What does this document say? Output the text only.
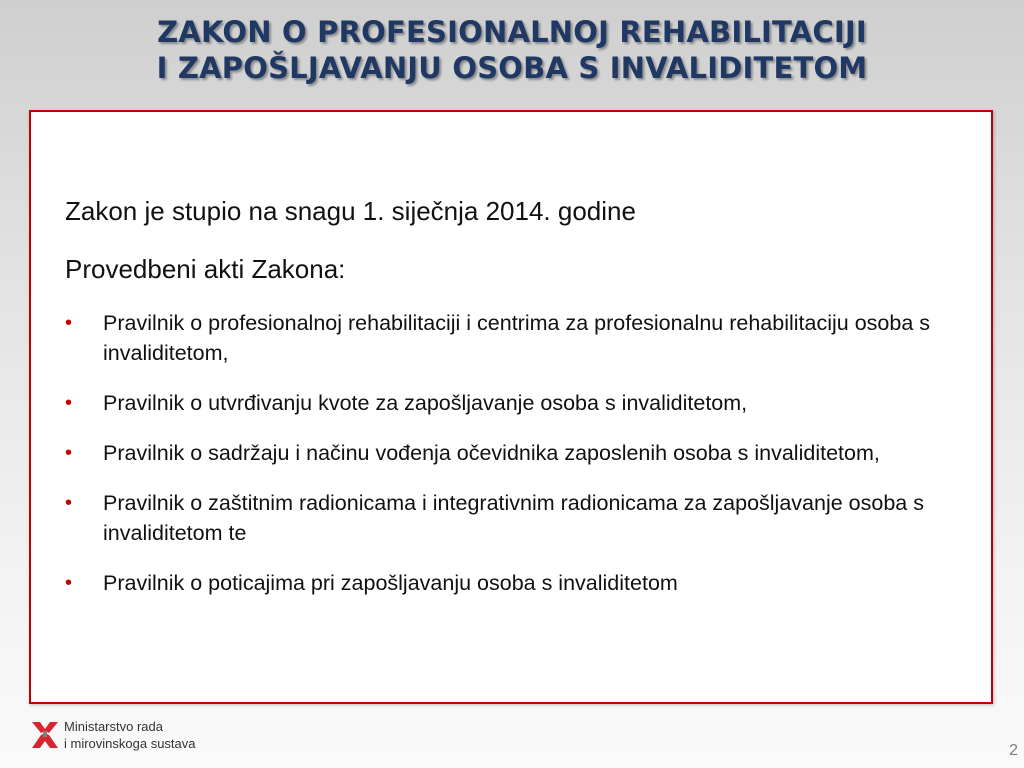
ZAKON O PROFESIONALNOJ REHABILITACIJI
I ZAPOŠLJAVANJU OSOBA S INVALIDITETOM
Zakon je stupio na snagu 1. siječnja 2014. godine
Provedbeni akti Zakona:
• Pravilnik o profesionalnoj rehabilitaciji i centrima za profesionalnu rehabilitaciju osoba s invaliditetom,
• Pravilnik o utvrđivanju kvote za zapošljavanje osoba s invaliditetom,
• Pravilnik o sadržaju i načinu vođenja očevidnika zaposlenih osoba s invaliditetom,
• Pravilnik o zaštitnim radionicama i integrativnim radionicama za zapošljavanje osoba s invaliditetom te
• Pravilnik o poticajima pri zapošljavanju osoba s invaliditetom
Ministarstvo rada
i mirovinskoga sustava	2
